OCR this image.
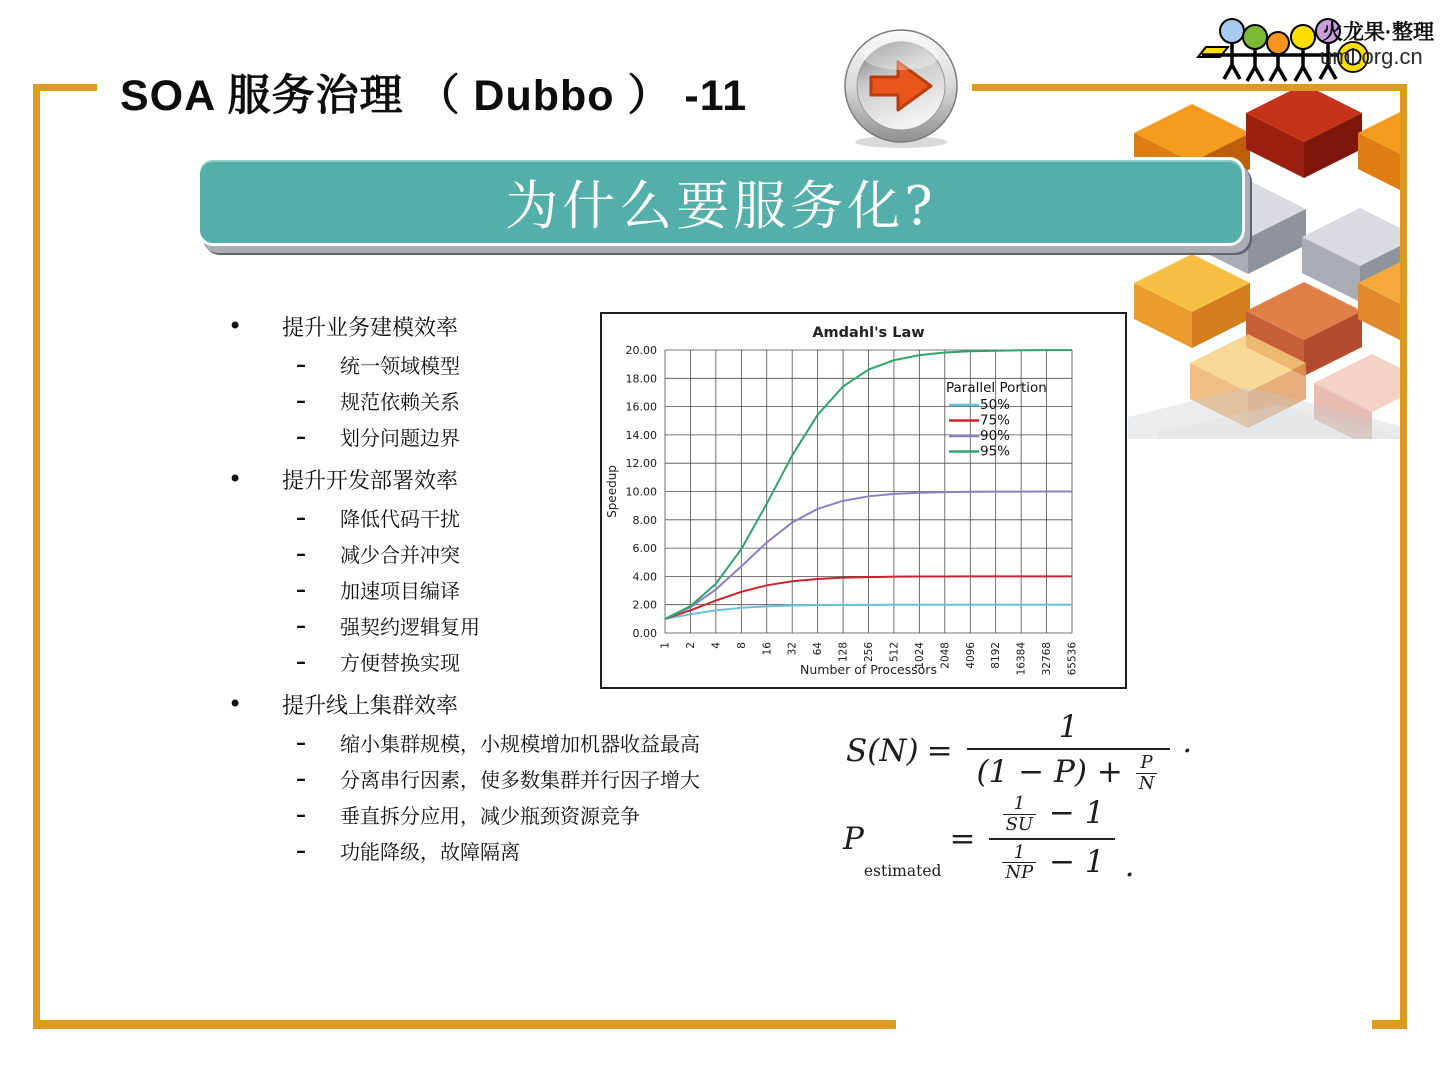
SOA 服务治理 （ Dubbo ） -11
火龙果·整理
uml.org.cn
为什么要服务化?
•	提升业务建模效率
–	统一领域模型
–	规范依赖关系
–	划分问题边界
•	提升开发部署效率
–	降低代码干扰
–	减少合并冲突
–	加速项目编译
–	强契约逻辑复用
–	方便替换实现
•	提升线上集群效率
–	缩小集群规模，小规模增加机器收益最高
–	分离串行因素，使多数集群并行因子增大
–	垂直拆分应用，减少瓶颈资源竞争
–	功能降级，故障隔离
0.00
2.00
4.00
6.00
8.00
10.00
12.00
14.00
16.00
18.00
20.00
1 2 4 8 16 32 64 128 256 512 1024 2048 4096 8192 16384 32768 65536
Amdahl's Law
Number of Processors
Speedup
Parallel Portion
50%
75%
90%
95%
$S(N) = \frac{1}{(1 - P) + \frac{P}{N}}$ ·
P
estimated
= $\frac{\frac{1}{SU} - 1}{\frac{1}{NP} - 1}$ .
